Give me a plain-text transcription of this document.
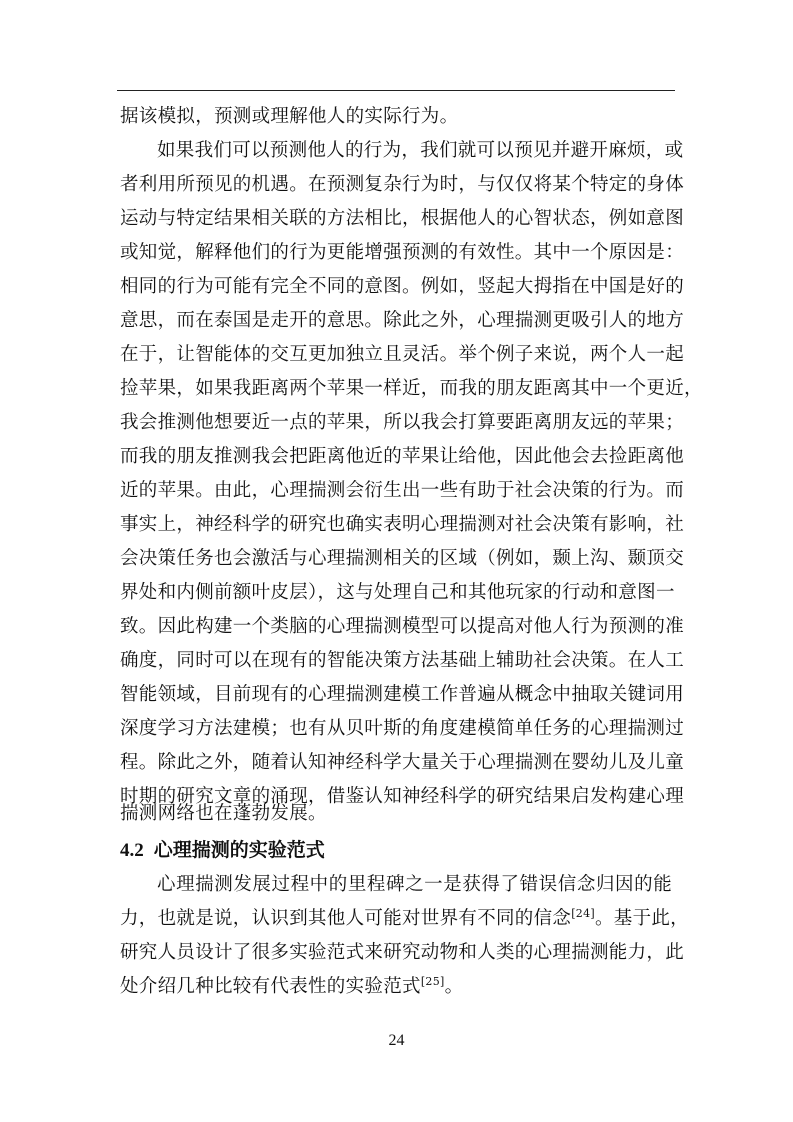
据该模拟，预测或理解他人的实际行为。
如果我们可以预测他人的行为，我们就可以预见并避开麻烦，或
者利用所预见的机遇。在预测复杂行为时，与仅仅将某个特定的身体
运动与特定结果相关联的方法相比，根据他人的心智状态，例如意图
或知觉，解释他们的行为更能增强预测的有效性。其中一个原因是：
相同的行为可能有完全不同的意图。例如，竖起大拇指在中国是好的
意思，而在泰国是走开的意思。除此之外，心理揣测更吸引人的地方
在于，让智能体的交互更加独立且灵活。举个例子来说，两个人一起
捡苹果，如果我距离两个苹果一样近，而我的朋友距离其中一个更近，
我会推测他想要近一点的苹果，所以我会打算要距离朋友远的苹果；
而我的朋友推测我会把距离他近的苹果让给他，因此他会去捡距离他
近的苹果。由此，心理揣测会衍生出一些有助于社会决策的行为。而
事实上，神经科学的研究也确实表明心理揣测对社会决策有影响，社
会决策任务也会激活与心理揣测相关的区域（例如，颞上沟、颞顶交
界处和内侧前额叶皮层），这与处理自己和其他玩家的行动和意图一
致。因此构建一个类脑的心理揣测模型可以提高对他人行为预测的准
确度，同时可以在现有的智能决策方法基础上辅助社会决策。在人工
智能领域，目前现有的心理揣测建模工作普遍从概念中抽取关键词用
深度学习方法建模；也有从贝叶斯的角度建模简单任务的心理揣测过
程。除此之外，随着认知神经科学大量关于心理揣测在婴幼儿及儿童
时期的研究文章的涌现，借鉴认知神经科学的研究结果启发构建心理
揣测网络也在蓬勃发展。
4.2 心理揣测的实验范式
心理揣测发展过程中的里程碑之一是获得了错误信念归因的能
力，也就是说，认识到其他人可能对世界有不同的信念[24]。基于此，
研究人员设计了很多实验范式来研究动物和人类的心理揣测能力，此
处介绍几种比较有代表性的实验范式[25]。
24
